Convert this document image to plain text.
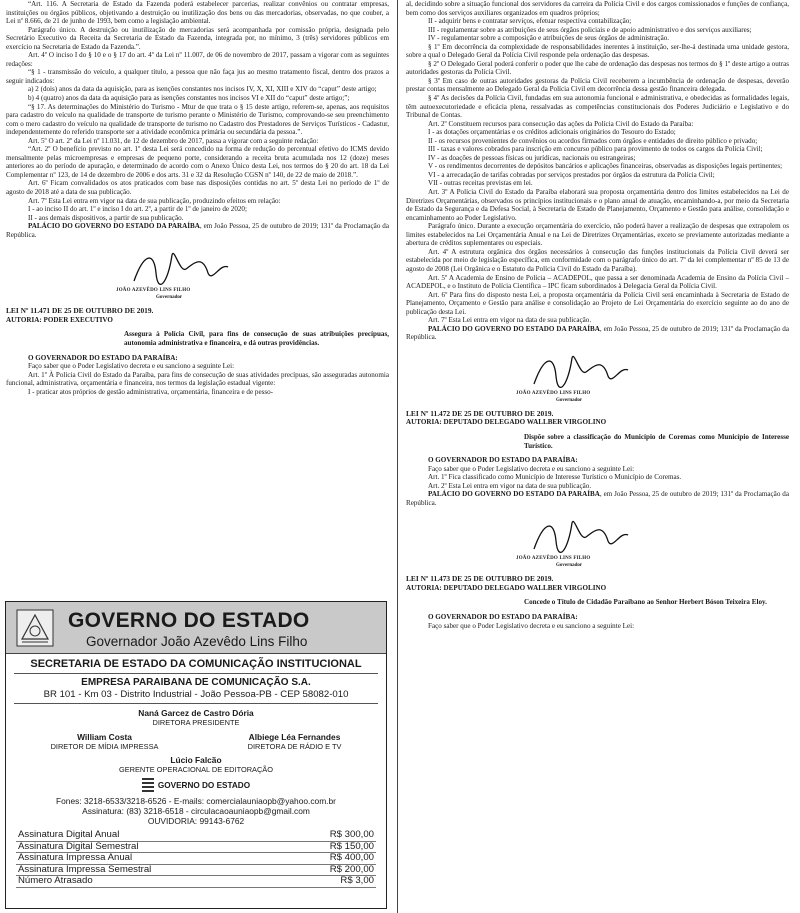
“Art. 116. A Secretaria de Estado da Fazenda poderá estabelecer parcerias, realizar convênios ou contratar empresas, instituições ou órgãos públicos, objetivando a destruição ou inutilização dos bens ou das mercadorias, observadas, no que couber, a Lei nº 8.666, de 21 de junho de 1993, bem como a legislação ambiental.

Parágrafo único. A destruição ou inutilização de mercadorias será acompanhada por comissão própria, designada pelo Secretário Executivo da Receita da Secretaria de Estado da Fazenda, integrada por, no mínimo, 3 (três) servidores públicos em exercício na Secretaria de Estado da Fazenda.”.

Art. 4º O inciso I do § 10 e o § 17 do art. 4º da Lei nº 11.007, de 06 de novembro de 2017, passam a vigorar com as seguintes redações:

“§ 1 - transmissão do veículo, a qualquer título, a pessoa que não faça jus ao mesmo tratamento fiscal, dentro dos prazos a seguir indicados:

a) 2 (dois) anos da data da aquisição, para as isenções constantes nos incisos IV, X, XI, XIII e XIV do “caput” deste artigo;

b) 4 (quatro) anos da data da aquisição para as isenções constantes nos incisos VI e XII do “caput” deste artigo;”;

“§ 17. As determinações do Ministério do Turismo - Mtur de que trata o § 15 deste artigo, referem-se, apenas, aos requisitos para cadastro do veículo na qualidade de transporte de turismo perante o Ministério de Turismo, comprovando-se seu preenchimento com o mero cadastro do veículo na qualidade de transporte de turismo no Cadastro dos Prestadores de Serviços Turísticos - Cadastur, independentemente do referido transporte ser a atividade econômica primária ou secundária da pessoa.”.

Art. 5º O art. 2º da Lei nº 11.031, de 12 de dezembro de 2017, passa a vigorar com a seguinte redação:

“Art. 2º O benefício previsto no art. 1º desta Lei será concedido na forma de redução do percentual efetivo do ICMS devido mensalmente pelas microempresas e empresas de pequeno porte, considerando a receita bruta acumulada nos 12 (doze) meses anteriores ao do período de apuração, e determinado de acordo com o Anexo Único desta Lei, nos termos do § 20 do art. 18 da Lei Complementar nº 123, de 14 de dezembro de 2006 e dos arts. 31 e 32 da Resolução CGSN nº 140, de 22 de maio de 2018.”.

Art. 6º Ficam convalidados os atos praticados com base nas disposições contidas no art. 5º desta Lei no período de 1º de agosto de 2018 até a data de sua publicação.

Art. 7º Esta Lei entra em vigor na data de sua publicação, produzindo efeitos em relação:

I - ao inciso II do art. 1º e inciso I do art. 2º, a partir de 1º de janeiro de 2020;

II - aos demais dispositivos, a partir de sua publicação.

PALÁCIO DO GOVERNO DO ESTADO DA PARAÍBA, em João Pessoa, 25 de outubro de 2019; 131º da Proclamação da República.

JOÃO AZEVÊDO LINS FILHO
Governador

LEI Nº 11.471 DE 25 DE OUTUBRO DE 2019.

AUTORIA: PODER EXECUTIVO

Assegura à Polícia Civil, para fins de consecução de suas atribuições precípuas, autonomia administrativa e financeira, e dá outras providências.

O GOVERNADOR DO ESTADO DA PARAÍBA:

Faço saber que o Poder Legislativo decreta e eu sanciono a seguinte Lei:

Art. 1º À Polícia Civil do Estado da Paraíba, para fins de consecução de suas atividades precípuas, são asseguradas autonomia funcional, administrativa, orçamentária e financeira, nos termos da legislação estadual vigente:

I - praticar atos próprios de gestão administrativa, orçamentária, financeira e de pesso-

GOVERNO DO ESTADO
Governador João Azevêdo Lins Filho
SECRETARIA DE ESTADO DA COMUNICAÇÃO INSTITUCIONAL
EMPRESA PARAIBANA DE COMUNICAÇÃO S.A.
BR 101 - Km 03 - Distrito Industrial - João Pessoa-PB - CEP 58082-010
Naná Garcez de Castro Dória
DIRETORA PRESIDENTE
William Costa
DIRETOR DE MÍDIA IMPRESSA
Albiege Léa Fernandes
DIRETORA DE RÁDIO E TV
Lúcio Falcão
GERENTE OPERACIONAL DE EDITORAÇÃO
GOVERNO DO ESTADO
Fones: 3218-6533/3218-6526 - E-mails: comercialauniaopb@yahoo.com.br
Assinatura: (83) 3218-6518 - circulacaoauniaopb@gmail.com
OUVIDORIA: 99143-6762
Assinatura Digital Anual	R$ 300,00
Assinatura Digital Semestral	R$ 150,00
Assinatura Impressa Anual	R$ 400,00
Assinatura Impressa Semestral	R$ 200,00
Número Atrasado	R$ 3,00

al, decidindo sobre a situação funcional dos servidores da carreira da Polícia Civil e dos cargos comissionados e funções de confiança, bem como dos serviços auxiliares organizados em quadros próprios;

II - adquirir bens e contratar serviços, efetuar respectiva contabilização;

III - regulamentar sobre as atribuições de seus órgãos policiais e de apoio administrativo e dos serviços auxiliares;

IV - regulamentar sobre a composição e atribuições de seus órgãos de administração.

§ 1º Em decorrência da complexidade de responsabilidades inerentes à instituição, ser-lhe-á destinada uma unidade gestora, sobre a qual o Delegado Geral da Polícia Civil responde pela ordenação das despesas.

§ 2º O Delegado Geral poderá conferir o poder que lhe cabe de ordenação das despesas nos termos do § 1º deste artigo a outras autoridades gestoras da Polícia Civil.

§ 3º Em caso de outras autoridades gestoras da Polícia Civil receberem a incumbência de ordenação de despesas, deverão prestar contas mensalmente ao Delegado Geral da Polícia Civil em decorrência dessa gestão financeira delegada.

§ 4º As decisões da Polícia Civil, fundadas em sua autonomia funcional e administrativa, e obedecidas as formalidades legais, têm autoexecutoriedade e eficácia plena, ressalvadas as competências constitucionais dos Poderes Judiciário e Legislativo e do Tribunal de Contas.

Art. 2º Constituem recursos para consecução das ações da Polícia Civil do Estado da Paraíba:

I - as dotações orçamentárias e os créditos adicionais originários do Tesouro do Estado;

II - os recursos provenientes de convênios ou acordos firmados com órgãos e entidades de direito público e privado;

III - taxas e valores cobrados para inscrição em concurso público para provimento de todos os cargos da Polícia Civil;

IV - as doações de pessoas físicas ou jurídicas, nacionais ou estrangeiras;

V - os rendimentos decorrentes de depósitos bancários e aplicações financeiras, observadas as disposições legais pertinentes;

VI - a arrecadação de tarifas cobradas por serviços prestados por órgãos da estrutura da Polícia Civil;

VII - outras receitas previstas em lei.

Art. 3º A Polícia Civil do Estado da Paraíba elaborará sua proposta orçamentária dentro dos limites estabelecidos na Lei de Diretrizes Orçamentárias, observados os princípios institucionais e o plano anual de atuação, encaminhando-a, por meio da Secretaria de Estado da Segurança e da Defesa Social, à Secretaria de Estado de Planejamento, Orçamento e Gestão para análise, consolidação e encaminhamento ao Poder Legislativo.

Parágrafo único. Durante a execução orçamentária do exercício, não poderá haver a realização de despesas que extrapolem os limites estabelecidos na Lei Orçamentária Anual e na Lei de Diretrizes Orçamentárias, exceto se previamente autorizadas mediante a abertura de créditos suplementares ou especiais.

Art. 4º A estrutura orgânica dos órgãos necessários à consecução das funções institucionais da Polícia Civil deverá ser estabelecida por meio de legislação específica, em conformidade com o parágrafo único do art. 7º da lei complementar nº 85 de 13 de agosto de 2008 (Lei Orgânica e o Estatuto da Polícia Civil do Estado da Paraíba).

Art. 5º A Academia de Ensino de Polícia – ACADEPOL, que passa a ser denominada Academia de Ensino da Polícia Civil – ACADEPOL, e o Instituto de Polícia Científica – IPC ficam subordinados à Delegacia Geral da Polícia Civil.

Art. 6º Para fins do disposto nesta Lei, a proposta orçamentária da Polícia Civil será encaminhada à Secretaria de Estado de Planejamento, Orçamento e Gestão para análise e consolidação ao Projeto de Lei Orçamentária do exercício seguinte ao do ano de publicação desta Lei.

Art. 7º Esta Lei entra em vigor na data de sua publicação.

PALÁCIO DO GOVERNO DO ESTADO DA PARAÍBA, em João Pessoa, 25 de outubro de 2019; 131º da Proclamação da República.

JOÃO AZEVÊDO LINS FILHO
Governador

LEI Nº 11.472 DE 25 DE OUTUBRO DE 2019.

AUTORIA: DEPUTADO DELEGADO WALLBER VIRGOLINO

Dispõe sobre a classificação do Município de Coremas como Município de Interesse Turístico.

O GOVERNADOR DO ESTADO DA PARAÍBA:

Faço saber que o Poder Legislativo decreta e eu sanciono a seguinte Lei:

Art. 1º Fica classificado como Município de Interesse Turístico o Município de Coremas.

Art. 2º Esta Lei entra em vigor na data de sua publicação.

PALÁCIO DO GOVERNO DO ESTADO DA PARAÍBA, em João Pessoa, 25 de outubro de 2019; 131º da Proclamação da República.

JOÃO AZEVÊDO LINS FILHO
Governador

LEI Nº 11.473 DE 25 DE OUTUBRO DE 2019.

AUTORIA: DEPUTADO DELEGADO WALLBER VIRGOLINO

Concede o Título de Cidadão Paraibano ao Senhor Herbert Bóson Teixeira Eloy.

O GOVERNADOR DO ESTADO DA PARAÍBA:

Faço saber que o Poder Legislativo decreta e eu sanciono a seguinte Lei:
